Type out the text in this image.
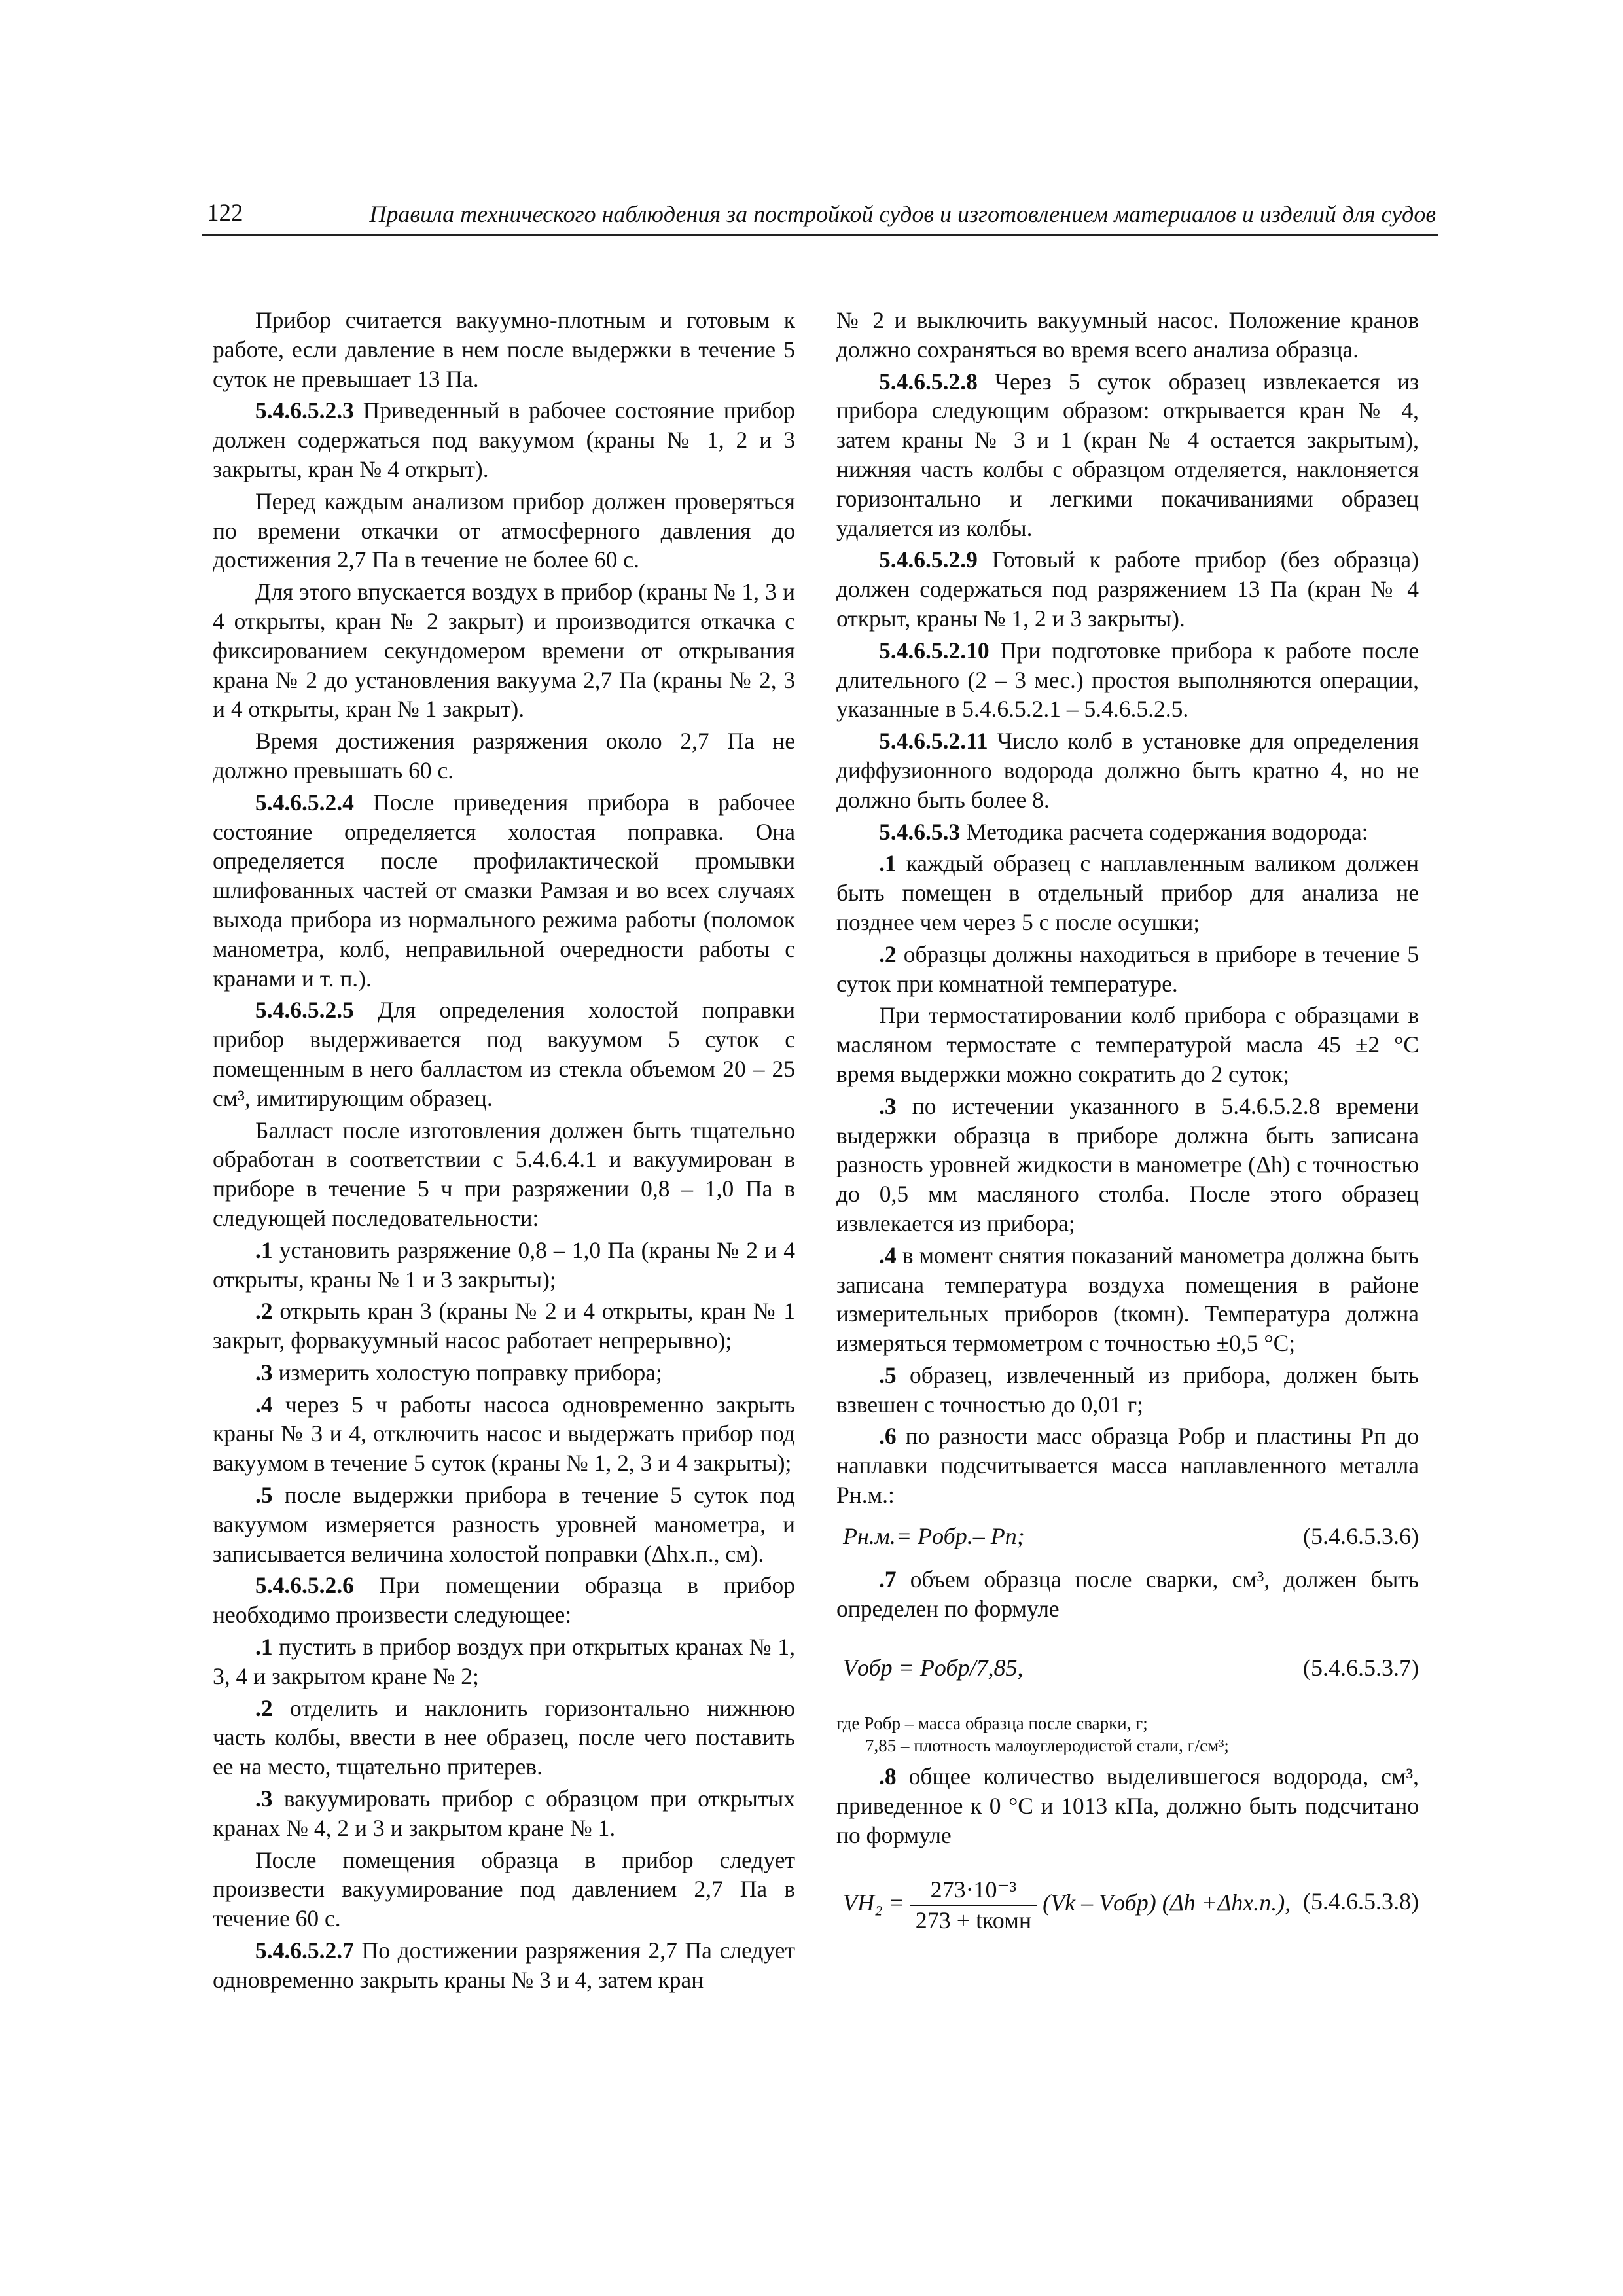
122	Правила технического наблюдения за постройкой судов и изготовлением материалов и изделий для судов

Прибор считается вакуумно-плотным и готовым к работе, если давление в нем после выдержки в течение 5 суток не превышает 13 Па.

5.4.6.5.2.3 Приведенный в рабочее состояние прибор должен содержаться под вакуумом (краны № 1, 2 и 3 закрыты, кран № 4 открыт).

Перед каждым анализом прибор должен проверяться по времени откачки от атмосферного давления до достижения 2,7 Па в течение не более 60 с.

Для этого впускается воздух в прибор (краны № 1, 3 и 4 открыты, кран № 2 закрыт) и производится откачка с фиксированием секундомером времени от открывания крана № 2 до установления вакуума 2,7 Па (краны № 2, 3 и 4 открыты, кран № 1 закрыт).

Время достижения разряжения около 2,7 Па не должно превышать 60 с.

5.4.6.5.2.4 После приведения прибора в рабочее состояние определяется холостая поправка. Она определяется после профилактической промывки шлифованных частей от смазки Рамзая и во всех случаях выхода прибора из нормального режима работы (поломок манометра, колб, неправильной очередности работы с кранами и т. п.).

5.4.6.5.2.5 Для определения холостой поправки прибор выдерживается под вакуумом 5 суток с помещенным в него балластом из стекла объемом 20 – 25 см³, имитирующим образец.

Балласт после изготовления должен быть тщательно обработан в соответствии с 5.4.6.4.1 и вакуумирован в приборе в течение 5 ч при разряжении 0,8 – 1,0 Па в следующей последовательности:

.1 установить разряжение 0,8 – 1,0 Па (краны № 2 и 4 открыты, краны № 1 и 3 закрыты);

.2 открыть кран 3 (краны № 2 и 4 открыты, кран № 1 закрыт, форвакуумный насос работает непрерывно);

.3 измерить холостую поправку прибора;

.4 через 5 ч работы насоса одновременно закрыть краны № 3 и 4, отключить насос и выдержать прибор под вакуумом в течение 5 суток (краны № 1, 2, 3 и 4 закрыты);

.5 после выдержки прибора в течение 5 суток под вакуумом измеряется разность уровней манометра, и записывается величина холостой поправки (Δhх.п., см).

5.4.6.5.2.6 При помещении образца в прибор необходимо произвести следующее:

.1 пустить в прибор воздух при открытых кранах № 1, 3, 4 и закрытом кране № 2;

.2 отделить и наклонить горизонтально нижнюю часть колбы, ввести в нее образец, после чего поставить ее на место, тщательно притерев.

.3 вакуумировать прибор с образцом при открытых кранах № 4, 2 и 3 и закрытом кране № 1.

После помещения образца в прибор следует произвести вакуумирование под давлением 2,7 Па в течение 60 с.

5.4.6.5.2.7 По достижении разряжения 2,7 Па следует одновременно закрыть краны № 3 и 4, затем кран

№ 2 и выключить вакуумный насос. Положение кранов должно сохраняться во время всего анализа образца.

5.4.6.5.2.8 Через 5 суток образец извлекается из прибора следующим образом: открывается кран № 4, затем краны № 3 и 1 (кран № 4 остается закрытым), нижняя часть колбы с образцом отделяется, наклоняется горизонтально и легкими покачиваниями образец удаляется из колбы.

5.4.6.5.2.9 Готовый к работе прибор (без образца) должен содержаться под разряжением 13 Па (кран № 4 открыт, краны № 1, 2 и 3 закрыты).

5.4.6.5.2.10 При подготовке прибора к работе после длительного (2 – 3 мес.) простоя выполняются операции, указанные в 5.4.6.5.2.1 – 5.4.6.5.2.5.

5.4.6.5.2.11 Число колб в установке для определения диффузионного водорода должно быть кратно 4, но не должно быть более 8.

5.4.6.5.3 Методика расчета содержания водорода:

.1 каждый образец с наплавленным валиком должен быть помещен в отдельный прибор для анализа не позднее чем через 5 с после осушки;

.2 образцы должны находиться в приборе в течение 5 суток при комнатной температуре.

При термостатировании колб прибора с образцами в масляном термостате с температурой масла 45 ±2 °С время выдержки можно сократить до 2 суток;

.3 по истечении указанного в 5.4.6.5.2.8 времени выдержки образца в приборе должна быть записана разность уровней жидкости в манометре (Δh) с точностью до 0,5 мм масляного столба. После этого образец извлекается из прибора;

.4 в момент снятия показаний манометра должна быть записана температура воздуха помещения в районе измерительных приборов (tкомн). Температура должна измеряться термометром с точностью ±0,5 °С;

.5 образец, извлеченный из прибора, должен быть взвешен с точностью до 0,01 г;

.6 по разности масс образца Pобр и пластины Pп до наплавки подсчитывается масса наплавленного металла Pн.м.:

Pн.м.= Pобр.– Pп;	(5.4.6.5.3.6)

.7 объем образца после сварки, см³, должен быть определен по формуле

Vобр = Pобр/7,85,	(5.4.6.5.3.7)
где Pобр – масса образца после сварки, г;
7,85 – плотность малоуглеродистой стали, г/см³;

.8 общее количество выделившегося водорода, см³, приведенное к 0 °С и 1013 кПа, должно быть подсчитано по формуле

$VH_2 = \frac{\text{273·10⁻³}}{\text{273 + tкомн}} (Vk$ – Vобр) (Δh +Δhх.п.), (5.4.6.5.3.8)
